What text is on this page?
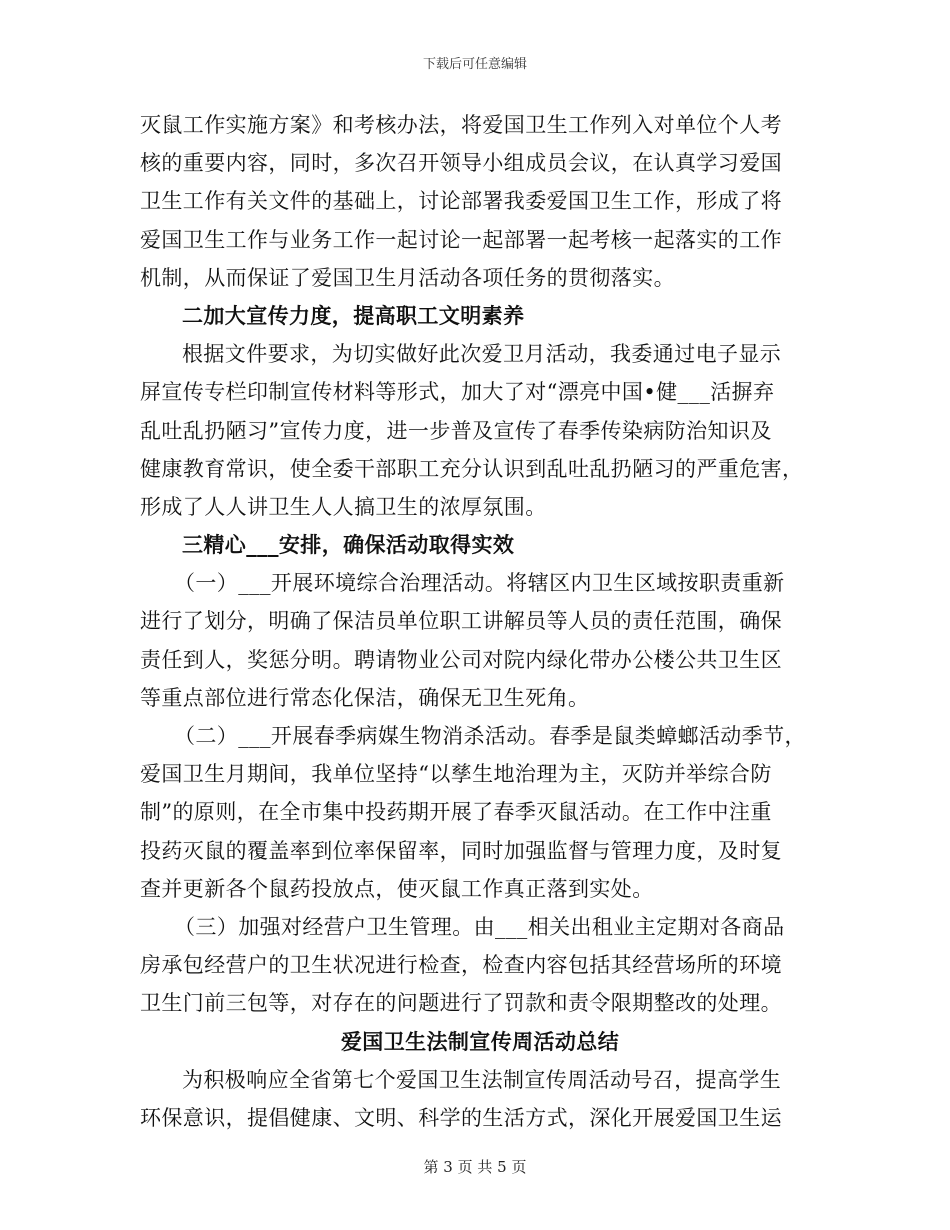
下载后可任意编辑
灭鼠工作实施方案》和考核办法，将爱国卫生工作列入对单位个人考
核的重要内容，同时，多次召开领导小组成员会议，在认真学习爱国
卫生工作有关文件的基础上，讨论部署我委爱国卫生工作，形成了将
爱国卫生工作与业务工作一起讨论一起部署一起考核一起落实的工作
机制，从而保证了爱国卫生月活动各项任务的贯彻落实。
二加大宣传力度，提高职工文明素养
根据文件要求，为切实做好此次爱卫月活动，我委通过电子显示
屏宣传专栏印制宣传材料等形式，加大了对“漂亮中国•健___活摒弃
乱吐乱扔陋习”宣传力度，进一步普及宣传了春季传染病防治知识及
健康教育常识，使全委干部职工充分认识到乱吐乱扔陋习的严重危害，
形成了人人讲卫生人人搞卫生的浓厚氛围。
三精心___安排，确保活动取得实效
（一）___开展环境综合治理活动。将辖区内卫生区域按职责重新
进行了划分，明确了保洁员单位职工讲解员等人员的责任范围，确保
责任到人，奖惩分明。聘请物业公司对院内绿化带办公楼公共卫生区
等重点部位进行常态化保洁，确保无卫生死角。
（二）___开展春季病媒生物消杀活动。春季是鼠类蟑螂活动季节，
爱国卫生月期间，我单位坚持“以孳生地治理为主，灭防并举综合防
制”的原则，在全市集中投药期开展了春季灭鼠活动。在工作中注重
投药灭鼠的覆盖率到位率保留率，同时加强监督与管理力度，及时复
查并更新各个鼠药投放点，使灭鼠工作真正落到实处。
（三）加强对经营户卫生管理。由___相关出租业主定期对各商品
房承包经营户的卫生状况进行检查，检查内容包括其经营场所的环境
卫生门前三包等，对存在的问题进行了罚款和责令限期整改的处理。
爱国卫生法制宣传周活动总结
为积极响应全省第七个爱国卫生法制宣传周活动号召，提高学生
环保意识，提倡健康、文明、科学的生活方式，深化开展爱国卫生运
第 3 页 共 5 页
